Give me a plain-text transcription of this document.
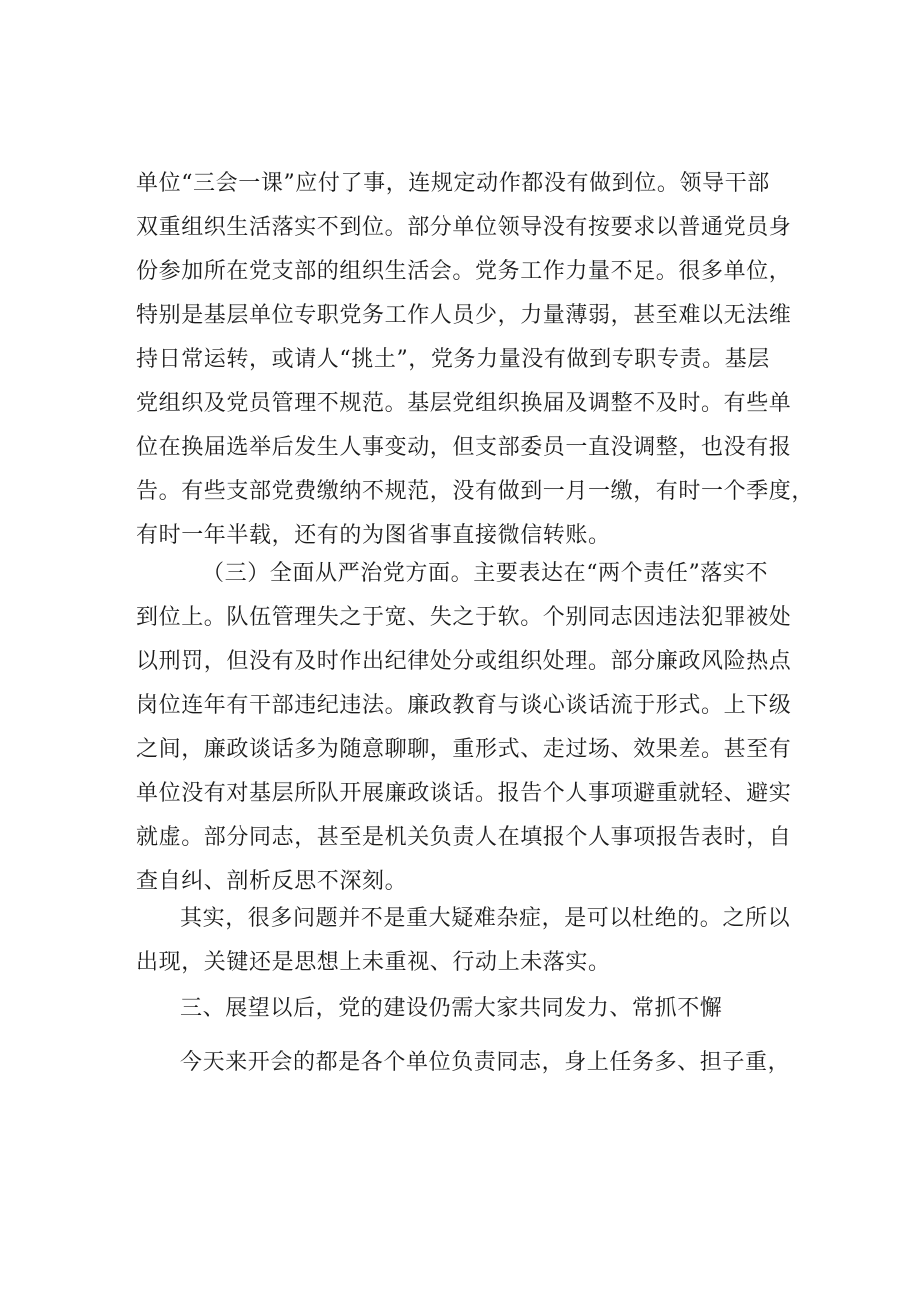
单位“三会一课”应付了事，连规定动作都没有做到位。领导干部
双重组织生活落实不到位。部分单位领导没有按要求以普通党员身
份参加所在党支部的组织生活会。党务工作力量不足。很多单位，
特别是基层单位专职党务工作人员少，力量薄弱，甚至难以无法维
持日常运转，或请人“挑土”，党务力量没有做到专职专责。基层
党组织及党员管理不规范。基层党组织换届及调整不及时。有些单
位在换届选举后发生人事变动，但支部委员一直没调整，也没有报
告。有些支部党费缴纳不规范，没有做到一月一缴，有时一个季度，
有时一年半载，还有的为图省事直接微信转账。
（三）全面从严治党方面。主要表达在“两个责任”落实不
到位上。队伍管理失之于宽、失之于软。个别同志因违法犯罪被处
以刑罚，但没有及时作出纪律处分或组织处理。部分廉政风险热点
岗位连年有干部违纪违法。廉政教育与谈心谈话流于形式。上下级
之间，廉政谈话多为随意聊聊，重形式、走过场、效果差。甚至有
单位没有对基层所队开展廉政谈话。报告个人事项避重就轻、避实
就虚。部分同志，甚至是机关负责人在填报个人事项报告表时，自
查自纠、剖析反思不深刻。
其实，很多问题并不是重大疑难杂症，是可以杜绝的。之所以
出现，关键还是思想上未重视、行动上未落实。
三、展望以后，党的建设仍需大家共同发力、常抓不懈
今天来开会的都是各个单位负责同志，身上任务多、担子重，
